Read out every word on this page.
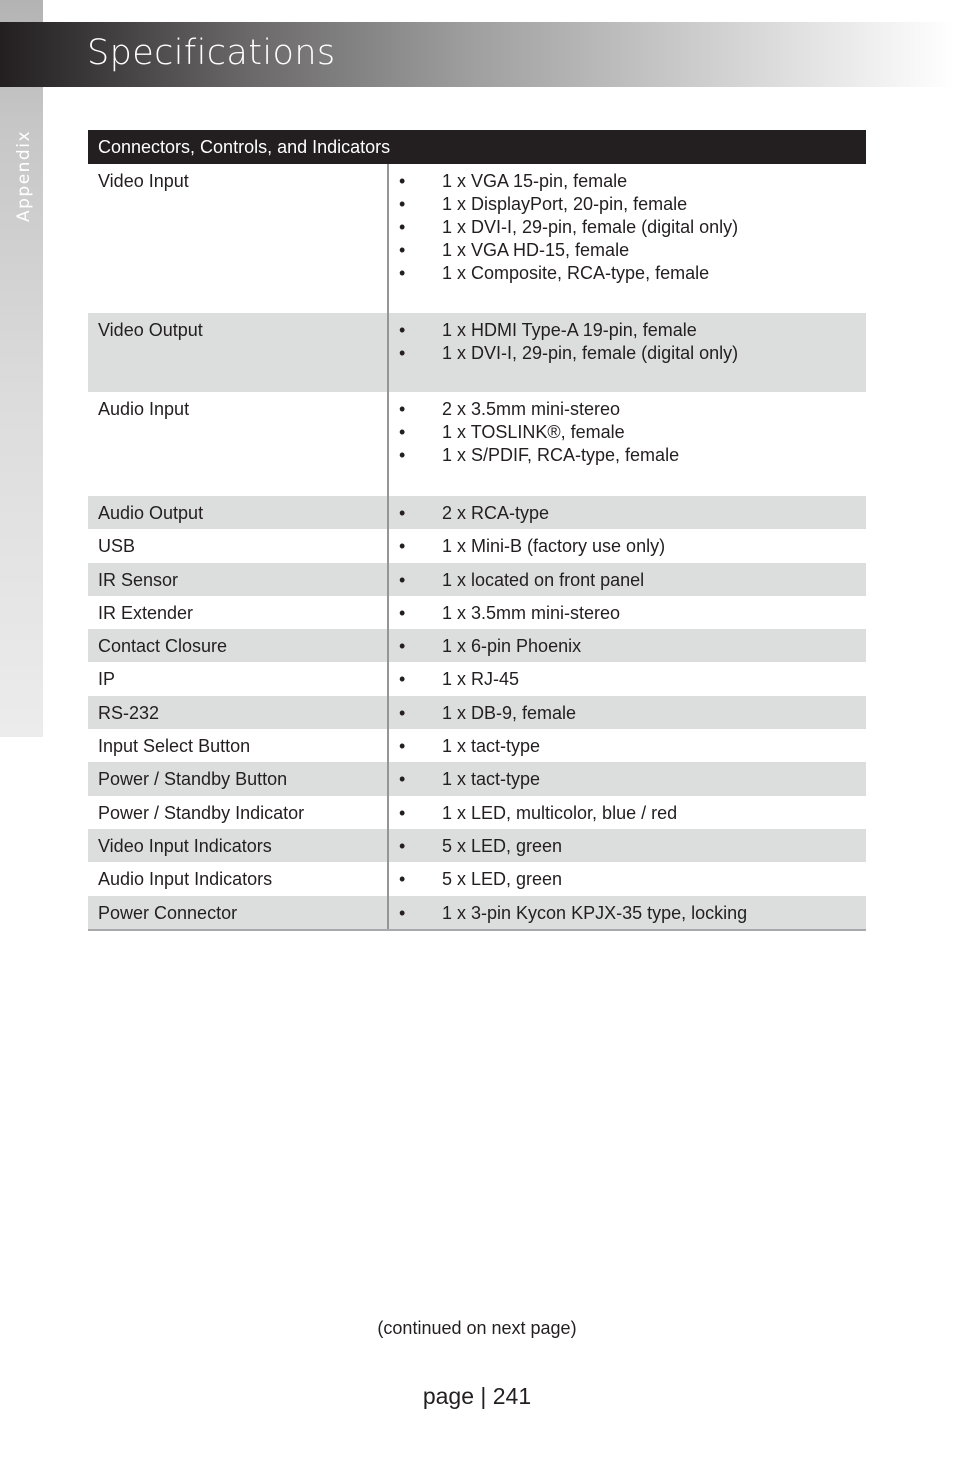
Appendix
Specifications
Connectors, Controls, and Indicators
Video Input	•	1 x VGA 15-pin, female
•	1 x DisplayPort, 20-pin, female
•	1 x DVI-I, 29-pin, female (digital only)
•	1 x VGA HD-15, female
•	1 x Composite, RCA-type, female
Video Output	•	1 x HDMI Type-A 19-pin, female
•	1 x DVI-I, 29-pin, female (digital only)
Audio Input	•	2 x 3.5mm mini-stereo
•	1 x TOSLINK®, female
•	1 x S/PDIF, RCA-type, female
Audio Output	•	2 x RCA-type
USB	•	1 x Mini-B (factory use only)
IR Sensor	•	1 x located on front panel
IR Extender	•	1 x 3.5mm mini-stereo
Contact Closure	•	1 x 6-pin Phoenix
IP	•	1 x RJ-45
RS-232	•	1 x DB-9, female
Input Select Button	•	1 x tact-type
Power / Standby Button	•	1 x tact-type
Power / Standby Indicator	•	1 x LED, multicolor, blue / red
Video Input Indicators	•	5 x LED, green
Audio Input Indicators	•	5 x LED, green
Power Connector	•	1 x 3-pin Kycon KPJX-35 type, locking
(continued on next page)
page | 241
